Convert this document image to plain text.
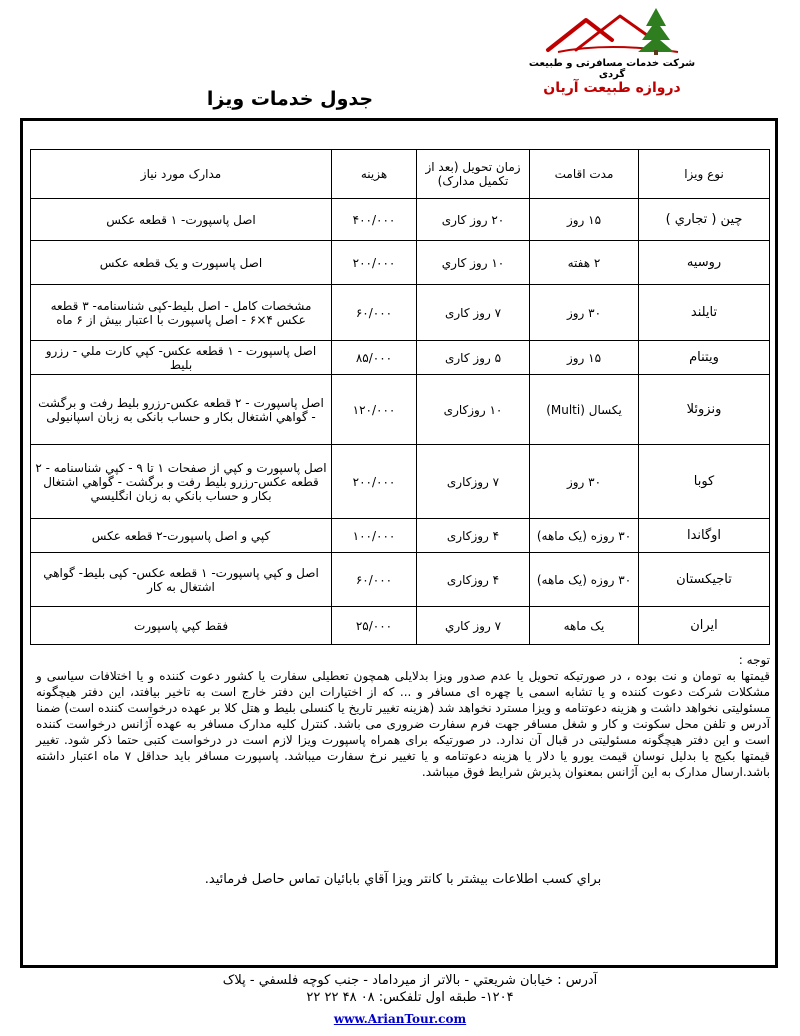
شرکت خدمات مسافرتی و طبیعت گردی
دروازه طبیعت آریان
جدول خدمات ویزا
نوع ویزا	مدت اقامت	زمان تحویل (بعد از تکمیل مدارک)	هزینه	مدارک مورد نیاز
چین ( تجاري )	۱۵ روز	۲۰ روز کاری	۴۰۰/۰۰۰	اصل پاسپورت- ۱ قطعه عکس
روسیه	۲ هفته	۱۰ روز کاري	۲۰۰/۰۰۰	اصل پاسپورت و یک قطعه عکس
تایلند	۳۰ روز	۷ روز کاری	۶۰/۰۰۰	مشخصات کامل - اصل بلیط-کپی شناسنامه- ۳ قطعه عکس ۴×۶ - اصل پاسپورت با اعتبار بیش از ۶ ماه
ویتنام	۱۵ روز	۵ روز کاری	۸۵/۰۰۰	اصل پاسپورت - ۱ قطعه عکس- کپي کارت ملي - رزرو بلیط
ونزوئلا	یکسال (Multi)	۱۰ روزکاری	۱۲۰/۰۰۰	اصل پاسپورت - ۲ قطعه عکس-رزرو بلیط رفت و برگشت - گواهي اشتغال بکار و حساب بانکی به زبان اسپانیولی
کوبا	۳۰ روز	۷ روزکاری	۲۰۰/۰۰۰	اصل پاسپورت و کپي از صفحات ۱ تا ۹ - کپي شناسنامه - ۲ قطعه عکس-رزرو بلیط رفت و برگشت - گواهي اشتغال بکار و حساب بانکي به زبان انگلیسي
اوگاندا	۳۰ روزه (یک ماهه)	۴ روزکاری	۱۰۰/۰۰۰	کپي و اصل پاسپورت-۲ قطعه عکس
تاجیکستان	۳۰ روزه (یک ماهه)	۴ روزکاری	۶۰/۰۰۰	اصل و کپي پاسپورت- ۱ قطعه عکس- کپی بلیط- گواهي اشتغال به کار
ایران	یک ماهه	۷ روز کاري	۲۵/۰۰۰	فقط کپي پاسپورت
توجه :
قیمتها به تومان و نت بوده ، در صورتیکه تحویل یا عدم صدور ویزا بدلایلی همچون تعطیلی سفارت یا کشور دعوت کننده و یا اختلافات سیاسی و مشکلات شرکت دعوت کننده و یا تشابه اسمی یا چهره ای مسافر و ... که از اختیارات این دفتر خارج است به تاخیر بیافتد، این دفتر هیچگونه مسئولیتی نخواهد داشت و هزینه دعوتنامه و ویزا مسترد نخواهد شد (هزینه تغییر تاریخ یا کنسلی بلیط و هتل کلا بر عهده درخواست کننده است) ضمنا آدرس و تلفن محل سکونت و کار و شغل مسافر جهت فرم سفارت ضروری می باشد. کنترل کلیه مدارک مسافر به عهده آژانس درخواست کننده است و این دفتر هیچگونه مسئولیتی در قبال آن ندارد. در صورتیکه برای همراه پاسپورت ویزا لازم است در درخواست کتبی حتما ذکر شود. تغییر قیمتها بکیج یا بدلیل نوسان قیمت یورو یا دلار یا هزینه دعوتنامه و یا تغییر نرخ سفارت میباشد. پاسپورت مسافر باید حداقل ۷ ماه اعتبار داشته باشد.ارسال مدارک به این آژانس بمعنوان پذیرش شرایط فوق میباشد.
براي کسب اطلاعات بیشتر با کانتر ویزا آقاي بابائیان تماس حاصل فرمائید.
آدرس : خیابان شریعتي - بالاتر از میرداماد - جنب کوچه فلسفي - پلاک
۱۲۰۴- طبقه اول تلفکس: ۰۸ ۴۸ ۲۲ ۲۲
www.ArianTour.com
